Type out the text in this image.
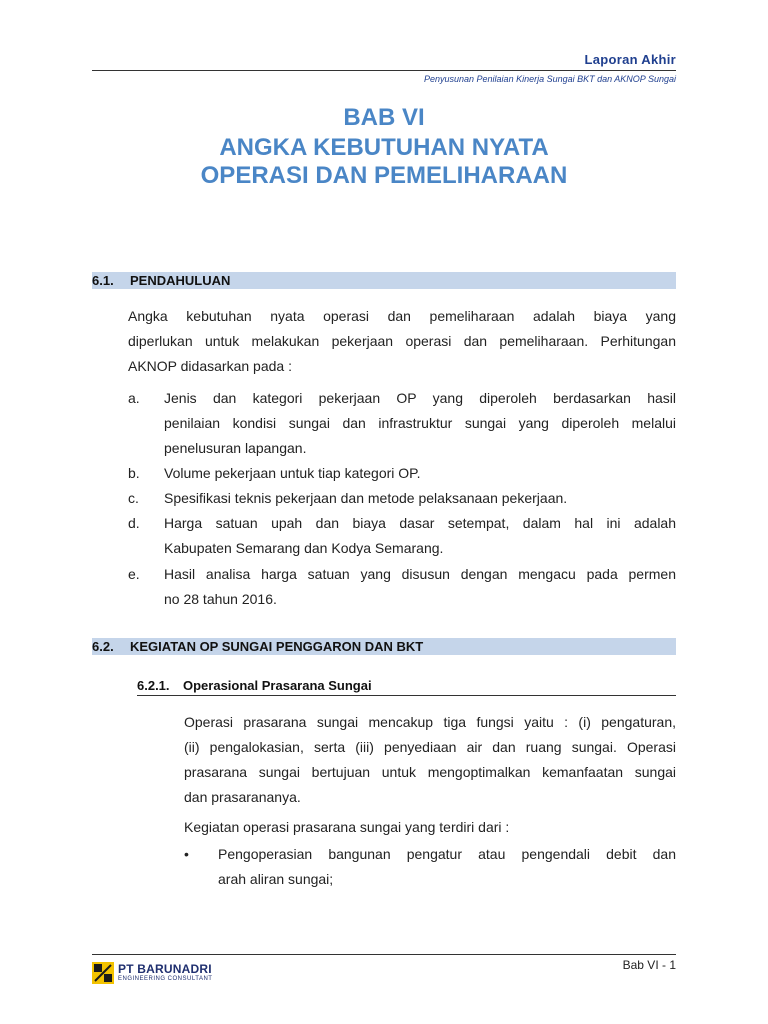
Laporan Akhir
Penyusunan Penilaian Kinerja Sungai BKT dan AKNOP Sungai
BAB VI
ANGKA KEBUTUHAN NYATA
OPERASI DAN PEMELIHARAAN
6.1. PENDAHULUAN
Angka kebutuhan nyata operasi dan pemeliharaan adalah biaya yang
diperlukan untuk melakukan pekerjaan operasi dan pemeliharaan. Perhitungan
AKNOP didasarkan pada :
a. Jenis dan kategori pekerjaan OP yang diperoleh berdasarkan hasil
penilaian kondisi sungai dan infrastruktur sungai yang diperoleh melalui
penelusuran lapangan.
b. Volume pekerjaan untuk tiap kategori OP.
c. Spesifikasi teknis pekerjaan dan metode pelaksanaan pekerjaan.
d. Harga satuan upah dan biaya dasar setempat, dalam hal ini adalah
Kabupaten Semarang dan Kodya Semarang.
e. Hasil analisa harga satuan yang disusun dengan mengacu pada permen
no 28 tahun 2016.
6.2. KEGIATAN OP SUNGAI PENGGARON DAN BKT
6.2.1. Operasional Prasarana Sungai
Operasi prasarana sungai mencakup tiga fungsi yaitu : (i) pengaturan,
(ii) pengalokasian, serta (iii) penyediaan air dan ruang sungai. Operasi
prasarana sungai bertujuan untuk mengoptimalkan kemanfaatan sungai
dan prasarananya.
Kegiatan operasi prasarana sungai yang terdiri dari :
• Pengoperasian bangunan pengatur atau pengendali debit dan
arah aliran sungai;
PT BARUNADRI
ENGINEERING CONSULTANT
Bab VI - 1
